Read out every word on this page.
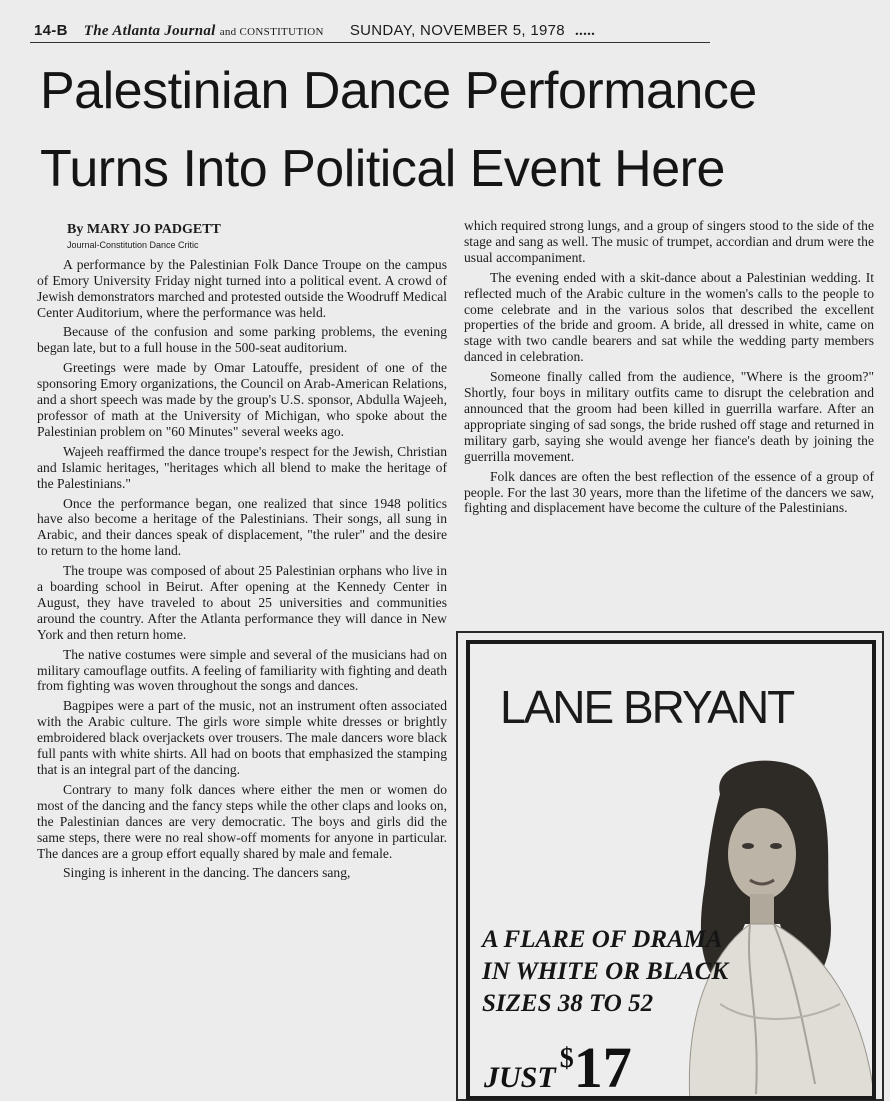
14-B The Atlanta Journal and CONSTITUTION SUNDAY, NOVEMBER 5, 1978 .....
Palestinian Dance Performance
Turns Into Political Event Here
By MARY JO PADGETT
Journal-Constitution Dance Critic

A performance by the Palestinian Folk Dance Troupe on the campus of Emory University Friday night turned into a political event. A crowd of Jewish demonstrators marched and protested outside the Woodruff Medical Center Auditorium, where the performance was held.

Because of the confusion and some parking problems, the evening began late, but to a full house in the 500-seat auditorium.

Greetings were made by Omar Latouffe, president of one of the sponsoring Emory organizations, the Council on Arab-American Relations, and a short speech was made by the group's U.S. sponsor, Abdulla Wajeeh, professor of math at the University of Michigan, who spoke about the Palestinian problem on "60 Minutes" several weeks ago.

Wajeeh reaffirmed the dance troupe's respect for the Jewish, Christian and Islamic heritages, "heritages which all blend to make the heritage of the Palestinians."

Once the performance began, one realized that since 1948 politics have also become a heritage of the Palestinians. Their songs, all sung in Arabic, and their dances speak of displacement, "the ruler" and the desire to return to the home land.

The troupe was composed of about 25 Palestinian orphans who live in a boarding school in Beirut. After opening at the Kennedy Center in August, they have traveled to about 25 universities and communities around the country. After the Atlanta performance they will dance in New York and then return home.

The native costumes were simple and several of the musicians had on military camouflage outfits. A feeling of familiarity with fighting and death from fighting was woven throughout the songs and dances.

Bagpipes were a part of the music, not an instrument often associated with the Arabic culture. The girls wore simple white dresses or brightly embroidered black overjackets over trousers. The male dancers wore black full pants with white shirts. All had on boots that emphasized the stamping that is an integral part of the dancing.

Contrary to many folk dances where either the men or women do most of the dancing and the fancy steps while the other claps and looks on, the Palestinian dances are very democratic. The boys and girls did the same steps, there were no real show-off moments for anyone in particular. The dances are a group effort equally shared by male and female.

Singing is inherent in the dancing. The dancers sang,

which required strong lungs, and a group of singers stood to the side of the stage and sang as well. The music of trumpet, accordian and drum were the usual accompaniment.

The evening ended with a skit-dance about a Palestinian wedding. It reflected much of the Arabic culture in the women's calls to the people to come celebrate and in the various solos that described the excellent properties of the bride and groom. A bride, all dressed in white, came on stage with two candle bearers and sat while the wedding party members danced in celebration.

Someone finally called from the audience, "Where is the groom?" Shortly, four boys in military outfits came to disrupt the celebration and announced that the groom had been killed in guerrilla warfare. After an appropriate singing of sad songs, the bride rushed off stage and returned in military garb, saying she would avenge her fiance's death by joining the guerrilla movement.

Folk dances are often the best reflection of the essence of a group of people. For the last 30 years, more than the lifetime of the dancers we saw, fighting and displacement have become the culture of the Palestinians.

LANE BRYANT
A FLARE OF DRAMA
IN WHITE OR BLACK
SIZES 38 TO 52
JUST$17
